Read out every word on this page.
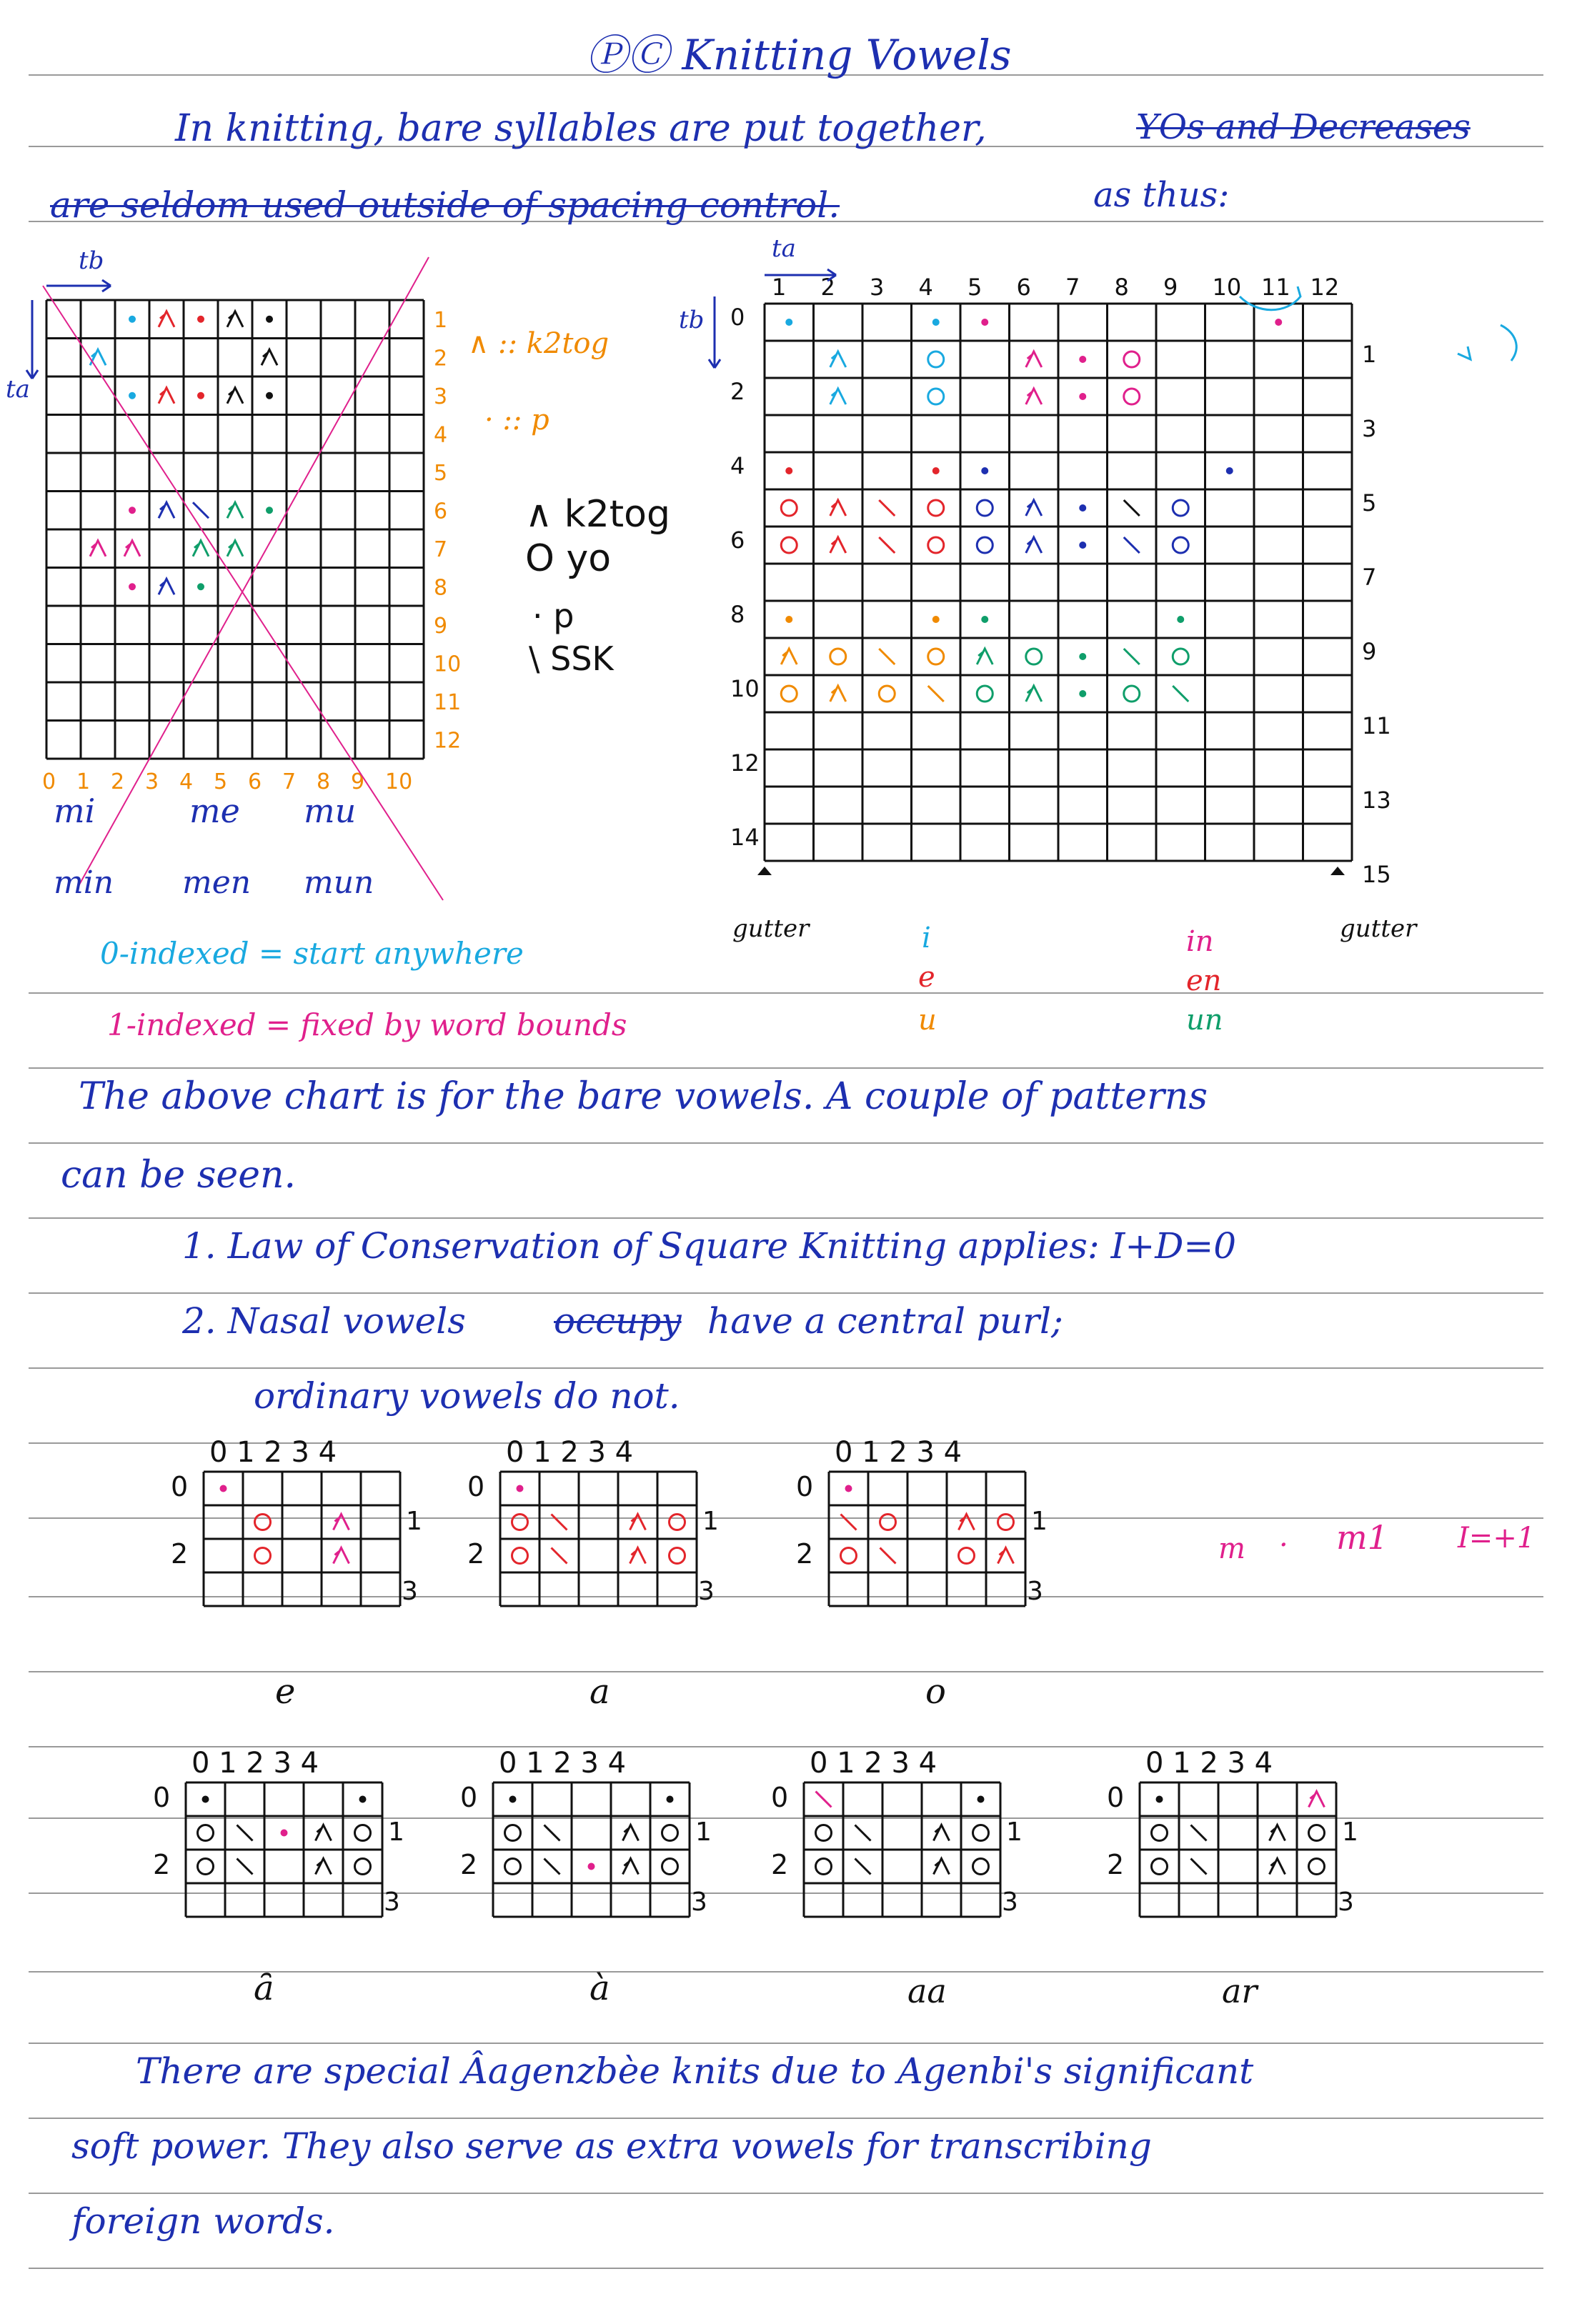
ⓅⒸ Knitting Vowels
In knitting, bare syllables are put together,	YOs and Decreases
are seldom used outside of spacing control.	as thus:
1
2
3
4
5
6
7
8
9
10
11
12
0 1 2 3 4 5 6 7 8 9 10
tb
ta
∧ :: k2tog
· :: p
∧ k2tog
O yo
· p
\ SSK
mi	me mu
min men mun
1 2 3 4 5 6 7 8 9 10 11 12
0
2
4
6
8
10
12
14
1
3
5
7
9
11
13
15
ta
tb
gutter	gutter
0-indexed = start anywhere
1-indexed = fixed by word bounds
i
e
u
in
en
un
The above chart is for the bare vowels. A couple of patterns
can be seen.
1. Law of Conservation of Square Knitting applies: I+D=0
2. Nasal vowels occupy have a central purl;
ordinary vowels do not.
0 1 2 3 4
0
2
1
3
0 1 2 3 4
0
2
1
3
0 1 2 3 4
0
2
1
3
0 1 2 3 4
0
2
1
3
0 1 2 3 4
0
2
1
3
0 1 2 3 4
0
2
1
3
0 1 2 3 4
0
2
1
3
e	a	o
m · m1 I=+1
ȃ	à	aa	ar
There are special Âagenzbèe knits due to Agenbi's significant
soft power. They also serve as extra vowels for transcribing
foreign words.
